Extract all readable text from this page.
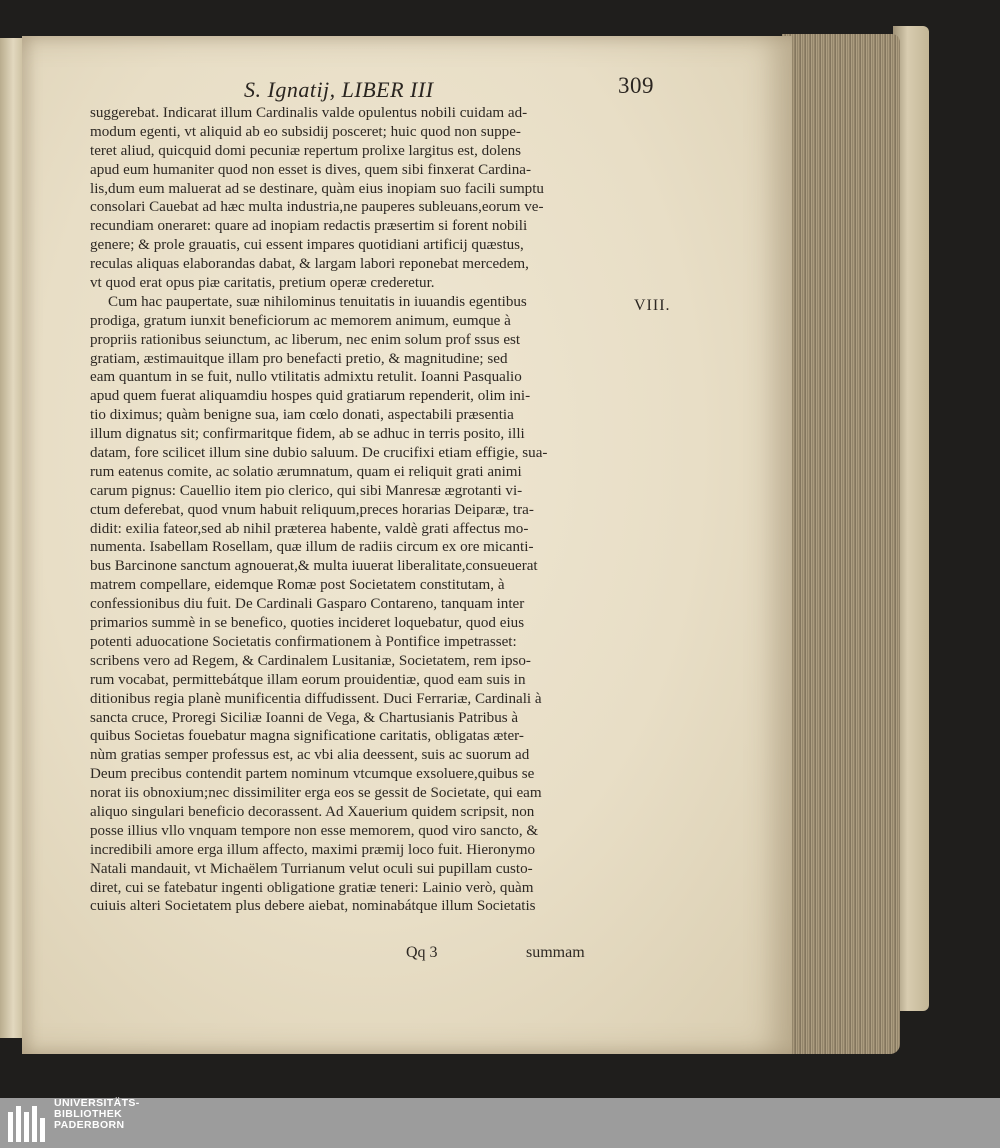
S. Ignatij, LIBER III	309
suggerebat. Indicarat illum Cardinalis valde opulentus nobili cuidam ad-
modum egenti, vt aliquid ab eo subsidij posceret; huic quod non suppe-
teret aliud, quicquid domi pecuniæ repertum prolixe largitus est, dolens
apud eum humaniter quod non esset is dives, quem sibi finxerat Cardina-
lis,dum eum maluerat ad se destinare, quàm eius inopiam suo facili sumptu
consolari Cauebat ad hæc multa industria,ne pauperes subleuans,eorum ve-
recundiam oneraret: quare ad inopiam redactis præsertim si forent nobili
genere; & prole grauatis, cui essent impares quotidiani artificij quæstus,
reculas aliquas elaborandas dabat, & largam labori reponebat mercedem,
vt quod erat opus piæ caritatis, pretium operæ crederetur.
Cum hac paupertate, suæ nihilominus tenuitatis in iuuandis egentibus
prodiga, gratum iunxit beneficiorum ac memorem animum, eumque à
propriis rationibus seiunctum, ac liberum, nec enim solum prof ssus est
gratiam, æstimauitque illam pro benefacti pretio, & magnitudine; sed
eam quantum in se fuit, nullo vtilitatis admixtu retulit. Ioanni Pasqualio
apud quem fuerat aliquamdiu hospes quid gratiarum rependerit, olim ini-
tio diximus; quàm benigne sua, iam cœlo donati, aspectabili præsentia
illum dignatus sit; confirmaritque fidem, ab se adhuc in terris posito, illi
datam, fore scilicet illum sine dubio saluum. De crucifixi etiam effigie, sua-
rum eatenus comite, ac solatio ærumnatum, quam ei reliquit grati animi
carum pignus: Cauellio item pio clerico, qui sibi Manresæ ægrotanti vi-
ctum deferebat, quod vnum habuit reliquum,preces horarias Deiparæ, tra-
didit: exilia fateor,sed ab nihil præterea habente, valdè grati affectus mo-
numenta. Isabellam Rosellam, quæ illum de radiis circum ex ore micanti-
bus Barcinone sanctum agnouerat,& multa iuuerat liberalitate,consueuerat
matrem compellare, eidemque Romæ post Societatem constitutam, à
confessionibus diu fuit. De Cardinali Gasparo Contareno, tanquam inter
primarios summè in se benefico, quoties incideret loquebatur, quod eius
potenti aduocatione Societatis confirmationem à Pontifice impetrasset:
scribens vero ad Regem, & Cardinalem Lusitaniæ, Societatem, rem ipso-
rum vocabat, permittebátque illam eorum prouidentiæ, quod eam suis in
ditionibus regia planè munificentia diffudissent. Duci Ferrariæ, Cardinali à
sancta cruce, Proregi Siciliæ Ioanni de Vega, & Chartusianis Patribus à
quibus Societas fouebatur magna significatione caritatis, obligatas æter-
nùm gratias semper professus est, ac vbi alia deessent, suis ac suorum ad
Deum precibus contendit partem nominum vtcumque exsoluere,quibus se
norat iis obnoxium;nec dissimiliter erga eos se gessit de Societate, qui eam
aliquo singulari beneficio decorassent. Ad Xauerium quidem scripsit, non
posse illius vllo vnquam tempore non esse memorem, quod viro sancto, &
incredibili amore erga illum affecto, maximi præmij loco fuit. Hieronymo
Natali mandauit, vt Michaëlem Turrianum velut oculi sui pupillam custo-
diret, cui se fatebatur ingenti obligatione gratiæ teneri: Lainio verò, quàm
cuiuis alteri Societatem plus debere aiebat, nominabátque illum Societatis
VIII.
Qq 3	summam
UNIVERSITÄTS-
BIBLIOTHEK
PADERBORN
